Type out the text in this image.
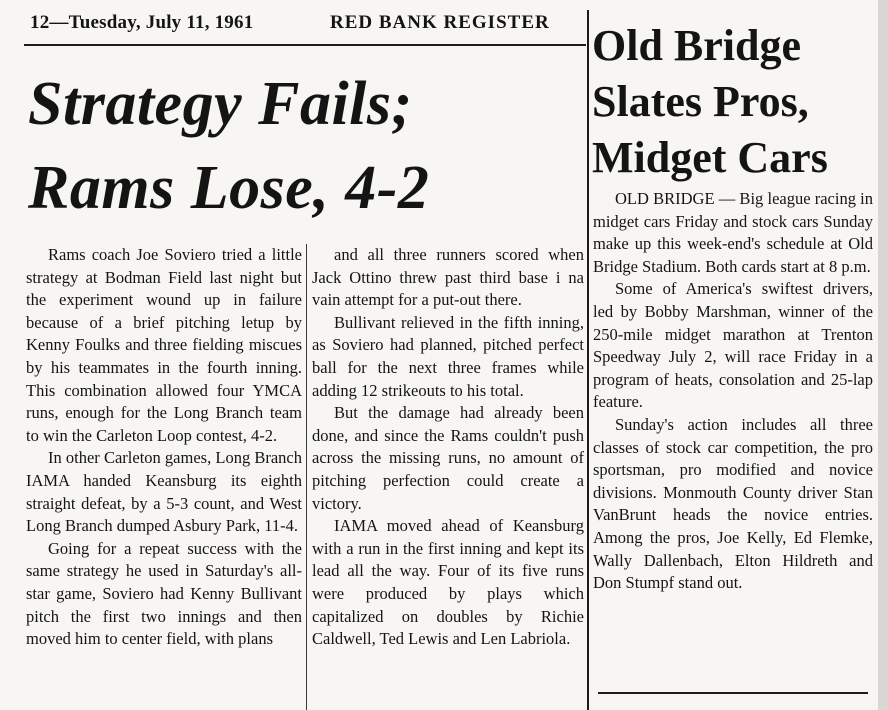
12—Tuesday, July 11, 1961	RED BANK REGISTER
Strategy Fails;
Rams Lose, 4-2

Rams coach Joe Soviero tried a little strategy at Bodman Field last night but the experiment wound up in failure because of a brief pitching letup by Kenny Foulks and three fielding miscues by his teammates in the fourth inning. This combination allowed four YMCA runs, enough for the Long Branch team to win the Carleton Loop contest, 4-2.

In other Carleton games, Long Branch IAMA handed Keansburg its eighth straight defeat, by a 5-3 count, and West Long Branch dumped Asbury Park, 11-4.

Going for a repeat success with the same strategy he used in Saturday's all-star game, Soviero had Kenny Bullivant pitch the first two innings and then moved him to center field, with plans

and all three runners scored when Jack Ottino threw past third base i na vain attempt for a put-out there.

Bullivant relieved in the fifth inning, as Soviero had planned, pitched perfect ball for the next three frames while adding 12 strikeouts to his total.

But the damage had already been done, and since the Rams couldn't push across the missing runs, no amount of pitching perfection could create a victory.

IAMA moved ahead of Keansburg with a run in the first inning and kept its lead all the way. Four of its five runs were produced by plays which capitalized on doubles by Richie Caldwell, Ted Lewis and Len Labriola.

Old Bridge
Slates Pros,
Midget Cars

OLD BRIDGE — Big league racing in midget cars Friday and stock cars Sunday make up this week-end's schedule at Old Bridge Stadium. Both cards start at 8 p.m.

Some of America's swiftest drivers, led by Bobby Marshman, winner of the 250-mile midget marathon at Trenton Speedway July 2, will race Friday in a program of heats, consolation and 25-lap feature.

Sunday's action includes all three classes of stock car competition, the pro sportsman, pro modified and novice divisions. Monmouth County driver Stan VanBrunt heads the novice entries. Among the pros, Joe Kelly, Ed Flemke, Wally Dallenbach, Elton Hildreth and Don Stumpf stand out.
